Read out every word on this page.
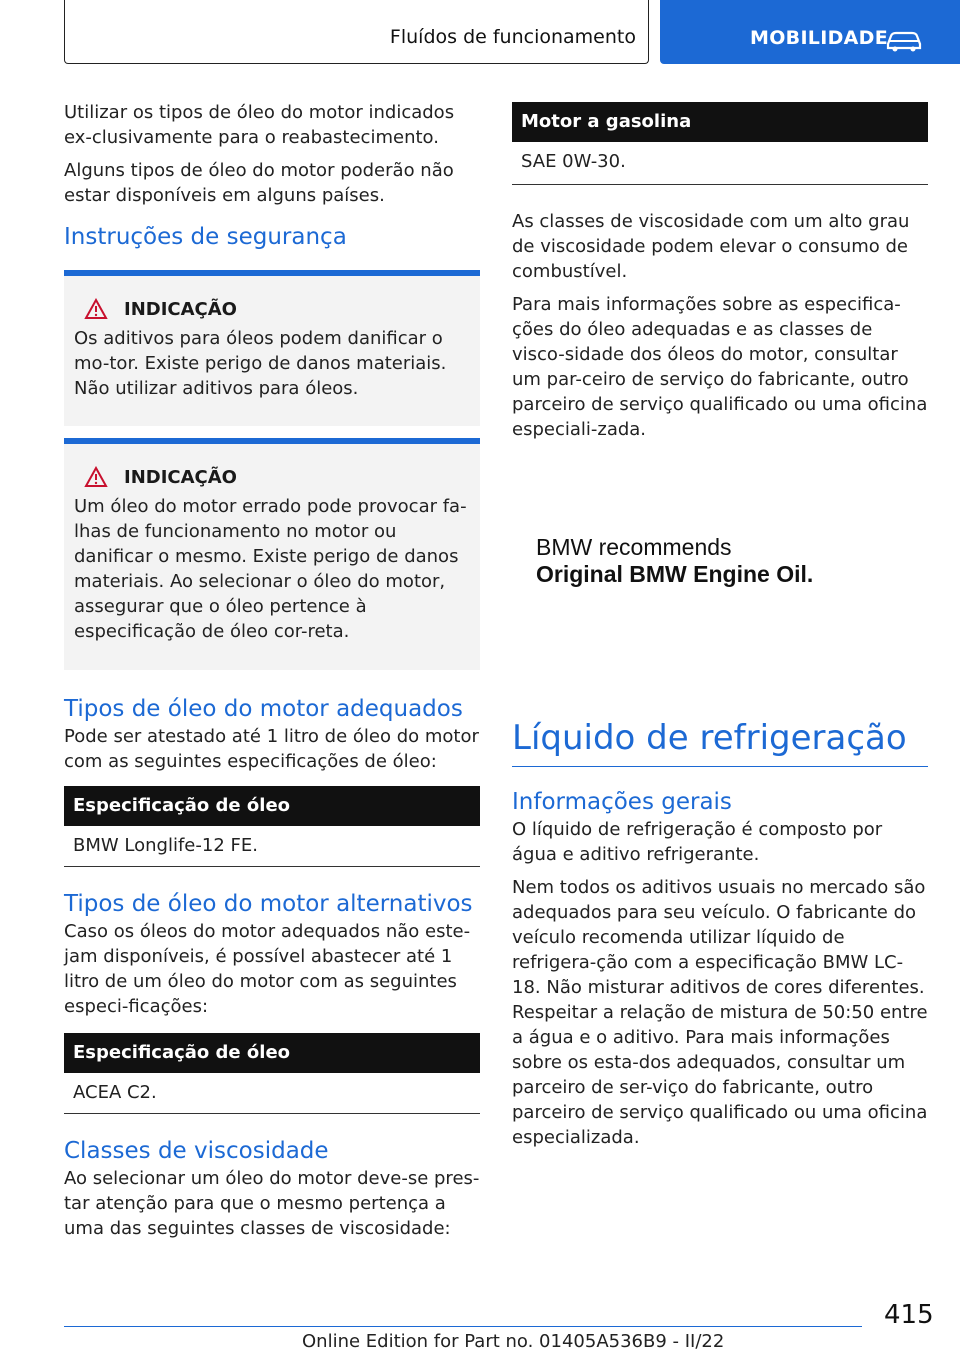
Fluídos de funcionamento	MOBILIDADE

Utilizar os tipos de óleo do motor indicados ex-clusivamente para o reabastecimento.

Alguns tipos de óleo do motor poderão não estar disponíveis em alguns países.

Instruções de segurança
INDICAÇÃO

Os aditivos para óleos podem danificar o mo-tor. Existe perigo de danos materiais. Não utilizar aditivos para óleos.

INDICAÇÃO

Um óleo do motor errado pode provocar fa-lhas de funcionamento no motor ou danificar o mesmo. Existe perigo de danos materiais. Ao selecionar o óleo do motor, assegurar que o óleo pertence à especificação de óleo cor-reta.

Tipos de óleo do motor adequados

Pode ser atestado até 1 litro de óleo do motor com as seguintes especificações de óleo:

Especificação de óleo
BMW Longlife-12 FE.
Tipos de óleo do motor alternativos

Caso os óleos do motor adequados não este-jam disponíveis, é possível abastecer até 1 litro de um óleo do motor com as seguintes especi-ficações:

Especificação de óleo
ACEA C2.
Classes de viscosidade

Ao selecionar um óleo do motor deve-se pres-tar atenção para que o mesmo pertença a uma das seguintes classes de viscosidade:

Motor a gasolina
SAE 0W-30.

As classes de viscosidade com um alto grau de viscosidade podem elevar o consumo de combustível.

Para mais informações sobre as especifica-ções do óleo adequadas e as classes de visco-sidade dos óleos do motor, consultar um par-ceiro de serviço do fabricante, outro parceiro de serviço qualificado ou uma oficina especiali-zada.

BMW recommends
Original BMW Engine Oil.
Líquido de refrigeração
Informações gerais

O líquido de refrigeração é composto por água e aditivo refrigerante.

Nem todos os aditivos usuais no mercado são adequados para seu veículo. O fabricante do veículo recomenda utilizar líquido de refrigera-ção com a especificação BMW LC-18. Não misturar aditivos de cores diferentes. Respeitar a relação de mistura de 50:50 entre a água e o aditivo. Para mais informações sobre os esta-dos adequados, consultar um parceiro de ser-viço do fabricante, outro parceiro de serviço qualificado ou uma oficina especializada.

415
Online Edition for Part no. 01405A536B9 - II/22
